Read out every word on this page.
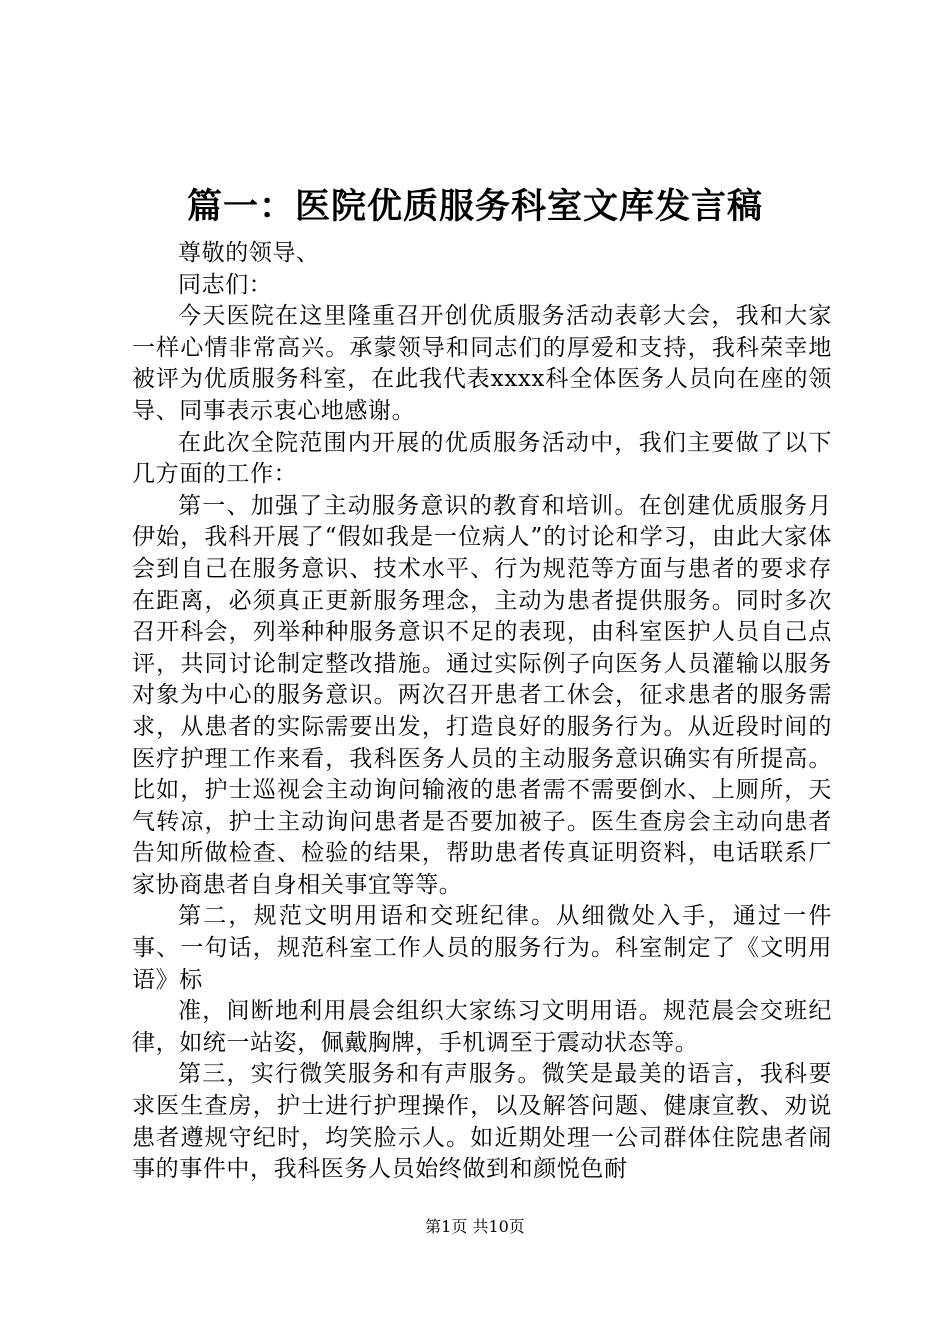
篇一：医院优质服务科室文库发言稿

尊敬的领导、

同志们：

今天医院在这里隆重召开创优质服务活动表彰大会，我和大家一样心情非常高兴。承蒙领导和同志们的厚爱和支持，我科荣幸地被评为优质服务科室，在此我代表xxxx科全体医务人员向在座的领导、同事表示衷心地感谢。

在此次全院范围内开展的优质服务活动中，我们主要做了以下几方面的工作：

第一、加强了主动服务意识的教育和培训。在创建优质服务月伊始，我科开展了“假如我是一位病人”的讨论和学习，由此大家体会到自己在服务意识、技术水平、行为规范等方面与患者的要求存在距离，必须真正更新服务理念，主动为患者提供服务。同时多次召开科会，列举种种服务意识不足的表现，由科室医护人员自己点评，共同讨论制定整改措施。通过实际例子向医务人员灌输以服务对象为中心的服务意识。两次召开患者工休会，征求患者的服务需求，从患者的实际需要出发，打造良好的服务行为。从近段时间的医疗护理工作来看，我科医务人员的主动服务意识确实有所提高。比如，护士巡视会主动询问输液的患者需不需要倒水、上厕所，天气转凉，护士主动询问患者是否要加被子。医生查房会主动向患者告知所做检查、检验的结果，帮助患者传真证明资料，电话联系厂家协商患者自身相关事宜等等。

第二，规范文明用语和交班纪律。从细微处入手，通过一件事、一句话，规范科室工作人员的服务行为。科室制定了《文明用语》标

准，间断地利用晨会组织大家练习文明用语。规范晨会交班纪律，如统一站姿，佩戴胸牌，手机调至于震动状态等。

第三，实行微笑服务和有声服务。微笑是最美的语言，我科要求医生查房，护士进行护理操作，以及解答问题、健康宣教、劝说患者遵规守纪时，均笑脸示人。如近期处理一公司群体住院患者闹事的事件中，我科医务人员始终做到和颜悦色耐

第1页 共10页
